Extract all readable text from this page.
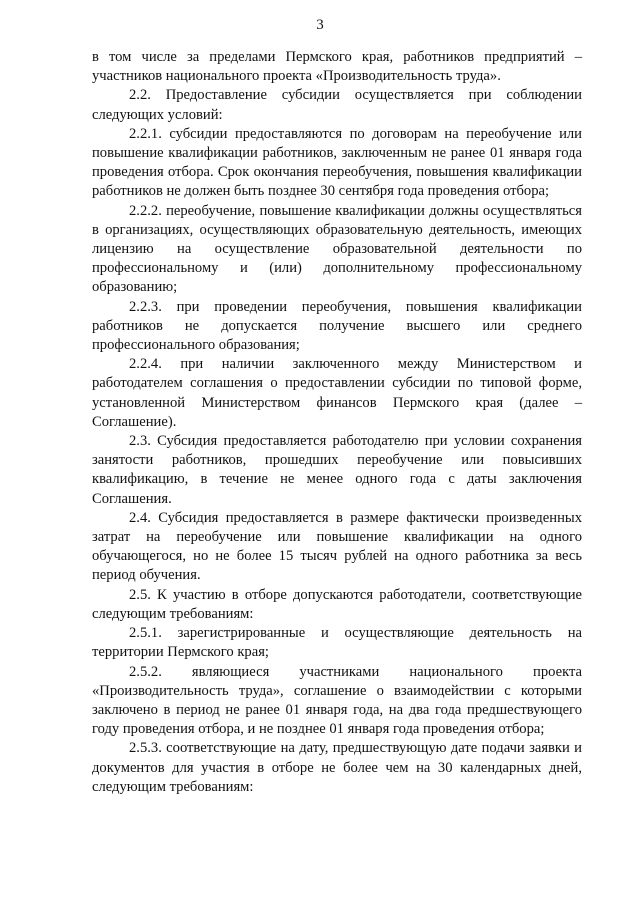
3

в том числе за пределами Пермского края, работников предприятий – участников национального проекта «Производительность труда».

2.2. Предоставление субсидии осуществляется при соблюдении следующих условий:

2.2.1. субсидии предоставляются по договорам на переобучение или повышение квалификации работников, заключенным не ранее 01 января года проведения отбора. Срок окончания переобучения, повышения квалификации работников не должен быть позднее 30 сентября года проведения отбора;

2.2.2. переобучение, повышение квалификации должны осуществляться в организациях, осуществляющих образовательную деятельность, имеющих лицензию на осуществление образовательной деятельности по профессиональному и (или) дополнительному профессиональному образованию;

2.2.3. при проведении переобучения, повышения квалификации работников не допускается получение высшего или среднего профессионального образования;

2.2.4. при наличии заключенного между Министерством и работодателем соглашения о предоставлении субсидии по типовой форме, установленной Министерством финансов Пермского края (далее – Соглашение).

2.3. Субсидия предоставляется работодателю при условии сохранения занятости работников, прошедших переобучение или повысивших квалификацию, в течение не менее одного года с даты заключения Соглашения.

2.4. Субсидия предоставляется в размере фактически произведенных затрат на переобучение или повышение квалификации на одного обучающегося, но не более 15 тысяч рублей на одного работника за весь период обучения.

2.5. К участию в отборе допускаются работодатели, соответствующие следующим требованиям:

2.5.1. зарегистрированные и осуществляющие деятельность на территории Пермского края;

2.5.2. являющиеся участниками национального проекта «Производительность труда», соглашение о взаимодействии с которыми заключено в период не ранее 01 января года, на два года предшествующего году проведения отбора, и не позднее 01 января года проведения отбора;

2.5.3. соответствующие на дату, предшествующую дате подачи заявки и документов для участия в отборе не более чем на 30 календарных дней, следующим требованиям:
